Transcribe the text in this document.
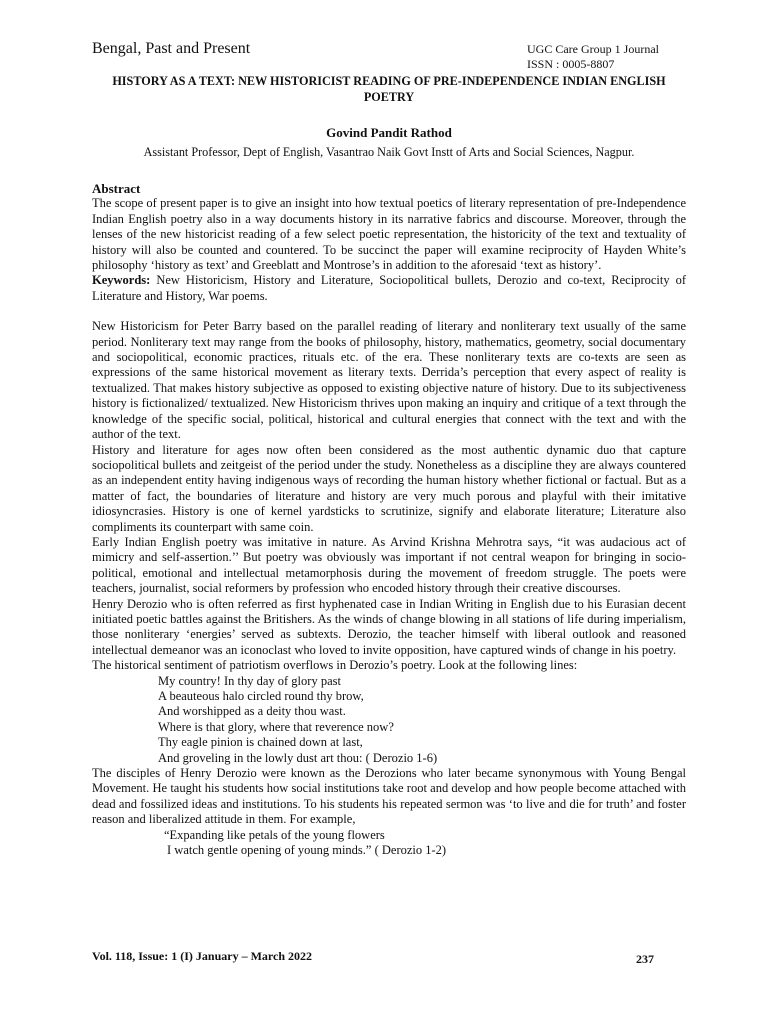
Bengal, Past and Present	UGC Care Group 1 Journal
ISSN : 0005-8807
HISTORY AS A TEXT: NEW HISTORICIST READING OF PRE-INDEPENDENCE INDIAN ENGLISH POETRY
Govind Pandit Rathod
Assistant Professor, Dept of English, Vasantrao Naik Govt Instt of Arts and Social Sciences, Nagpur.

Abstract

The scope of present paper is to give an insight into how textual poetics of literary representation of pre-Independence Indian English poetry also in a way documents history in its narrative fabrics and discourse. Moreover, through the lenses of the new historicist reading of a few select poetic representation, the historicity of the text and textuality of history will also be counted and countered. To be succinct the paper will examine reciprocity of Hayden White’s philosophy ‘history as text’ and Greeblatt and Montrose’s in addition to the aforesaid ‘text as history’.

Keywords: New Historicism, History and Literature, Sociopolitical bullets, Derozio and co-text, Reciprocity of Literature and History, War poems.

New Historicism for Peter Barry based on the parallel reading of literary and nonliterary text usually of the same period. Nonliterary text may range from the books of philosophy, history, mathematics, geometry, social documentary and sociopolitical, economic practices, rituals etc. of the era. These nonliterary texts are co-texts are seen as expressions of the same historical movement as literary texts. Derrida’s perception that every aspect of reality is textualized. That makes history subjective as opposed to existing objective nature of history. Due to its subjectiveness history is fictionalized/ textualized. New Historicism thrives upon making an inquiry and critique of a text through the knowledge of the specific social, political, historical and cultural energies that connect with the text and with the author of the text.

History and literature for ages now often been considered as the most authentic dynamic duo that capture sociopolitical bullets and zeitgeist of the period under the study. Nonetheless as a discipline they are always countered as an independent entity having indigenous ways of recording the human history whether fictional or factual. But as a matter of fact, the boundaries of literature and history are very much porous and playful with their imitative idiosyncrasies. History is one of kernel yardsticks to scrutinize, signify and elaborate literature; Literature also compliments its counterpart with same coin.

Early Indian English poetry was imitative in nature. As Arvind Krishna Mehrotra says, “it was audacious act of mimicry and self-assertion.’’ But poetry was obviously was important if not central weapon for bringing in socio-political, emotional and intellectual metamorphosis during the movement of freedom struggle. The poets were teachers, journalist, social reformers by profession who encoded history through their creative discourses.

Henry Derozio who is often referred as first hyphenated case in Indian Writing in English due to his Eurasian decent initiated poetic battles against the Britishers. As the winds of change blowing in all stations of life during imperialism, those nonliterary ‘energies’ served as subtexts. Derozio, the teacher himself with liberal outlook and reasoned intellectual demeanor was an iconoclast who loved to invite opposition, have captured winds of change in his poetry.

The historical sentiment of patriotism overflows in Derozio’s poetry. Look at the following lines:

My country! In thy day of glory past
A beauteous halo circled round thy brow,
And worshipped as a deity thou wast.
Where is that glory, where that reverence now?
Thy eagle pinion is chained down at last,
And groveling in the lowly dust art thou: ( Derozio 1-6)

The disciples of Henry Derozio were known as the Derozions who later became synonymous with Young Bengal Movement. He taught his students how social institutions take root and develop and how people become attached with dead and fossilized ideas and institutions. To his students his repeated sermon was ‘to live and die for truth’ and foster reason and liberalized attitude in them. For example,

“Expanding like petals of the young flowers
I watch gentle opening of young minds.” ( Derozio 1-2)
Vol. 118, Issue: 1 (I) January – March 2022	237
